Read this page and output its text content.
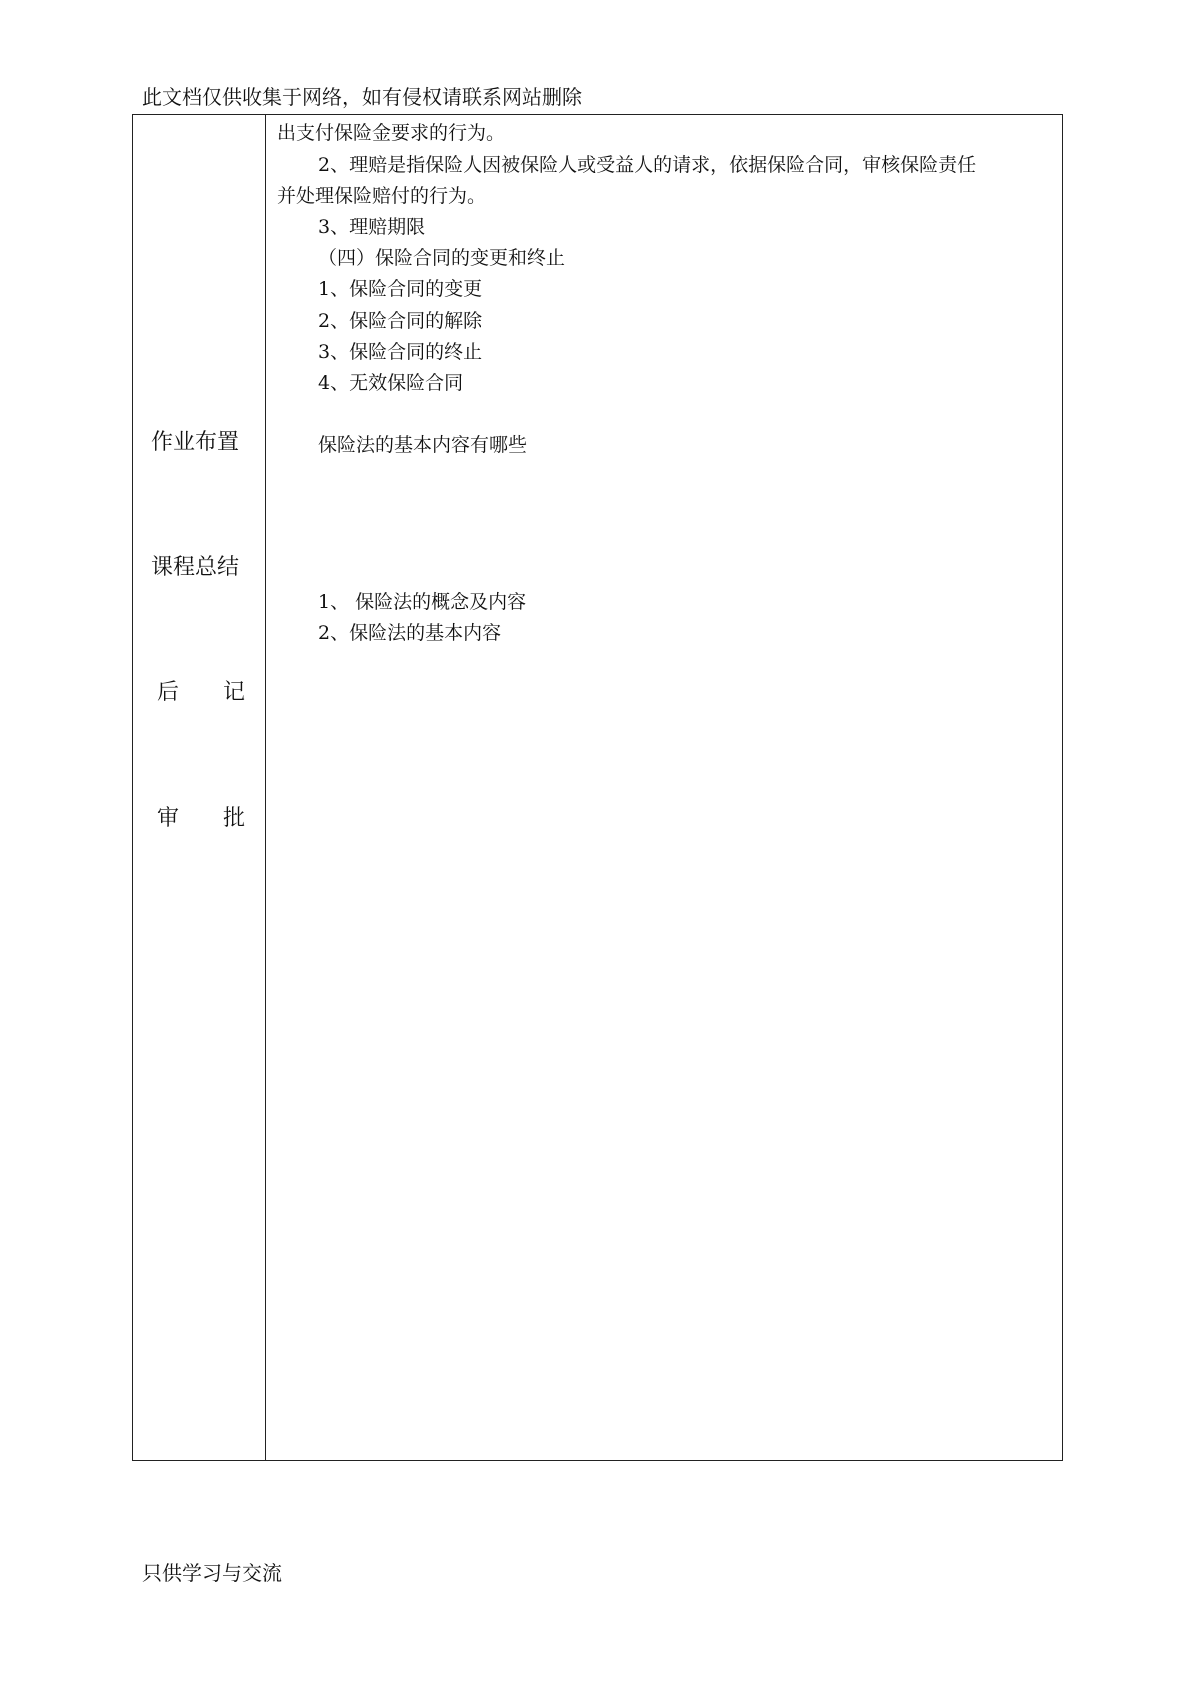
此文档仅供收集于网络，如有侵权请联系网站删除
作业布置
课程总结
后　　记
审　　批
出支付保险金要求的行为。
2、理赔是指保险人因被保险人或受益人的请求，依据保险合同，审核保险责任
并处理保险赔付的行为。
3、理赔期限
（四）保险合同的变更和终止
1、保险合同的变更
2、保险合同的解除
3、保险合同的终止
4、无效保险合同
保险法的基本内容有哪些
1、 保险法的概念及内容
2、保险法的基本内容
只供学习与交流
